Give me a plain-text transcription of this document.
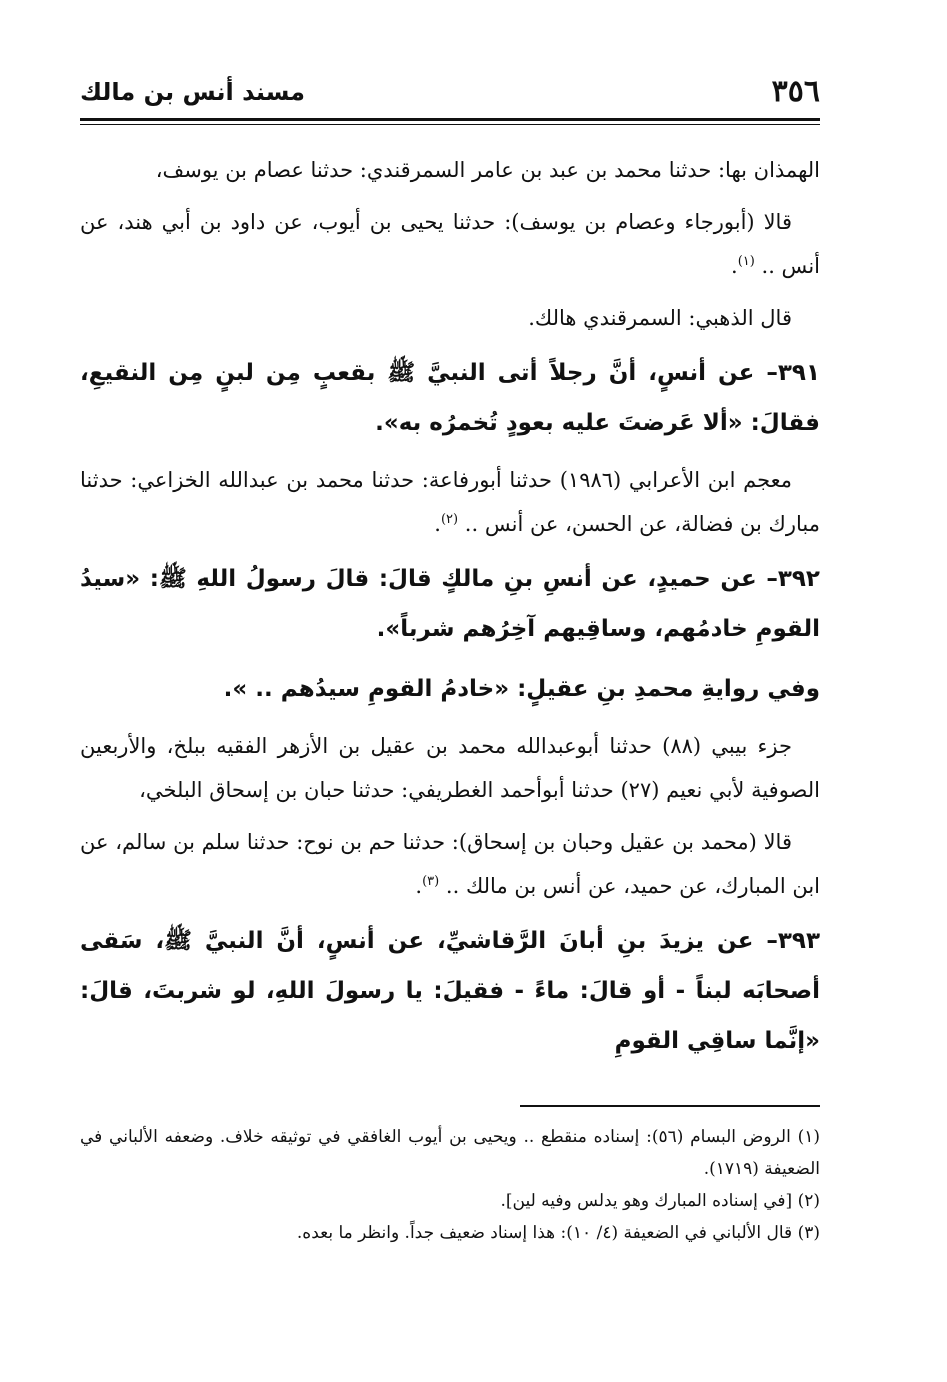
٣٥٦
مسند أنس بن مالك

الهمذان بها: حدثنا محمد بن عبد بن عامر السمرقندي: حدثنا عصام بن يوسف،

قالا (أبورجاء وعصام بن يوسف): حدثنا يحيى بن أيوب، عن داود بن أبي هند، عن أنس .. $^{(١)}$.

قال الذهبي: السمرقندي هالك.

٣٩١– عن أنسٍ، أنَّ رجلاً أتى النبيَّ ﷺ بقعبٍ مِن لبنٍ مِن النقيعِ، فقالَ: «ألا عَرضتَ عليه بعودٍ تُخمرُه به».

معجم ابن الأعرابي (١٩٨٦) حدثنا أبورفاعة: حدثنا محمد بن عبدالله الخزاعي: حدثنا مبارك بن فضالة، عن الحسن، عن أنس .. $^{(٢)}$.

٣٩٢– عن حميدٍ، عن أنسِ بنِ مالكٍ قالَ: قالَ رسولُ اللهِ ﷺ: «سيدُ القومِ خادمُهم، وساقِيهم آخِرُهم شرباً».

وفي روايةِ محمدِ بنِ عقيلٍ: «خادمُ القومِ سيدُهم .. ».

جزء بيبي (٨٨) حدثنا أبوعبدالله محمد بن عقيل بن الأزهر الفقيه ببلخ، والأربعين الصوفية لأبي نعيم (٢٧) حدثنا أبوأحمد الغطريفي: حدثنا حبان بن إسحاق البلخي،

قالا (محمد بن عقيل وحبان بن إسحاق): حدثنا حم بن نوح: حدثنا سلم بن سالم، عن ابن المبارك، عن حميد، عن أنس بن مالك .. $^{(٣)}$.

٣٩٣– عن يزيدَ بنِ أبانَ الرَّقاشيِّ، عن أنسٍ، أنَّ النبيَّ ﷺ، سَقى أصحابَه لبناً - أو قالَ: ماءً - فقيلَ: يا رسولَ اللهِ، لو شربتَ، قالَ: «إنَّما ساقِي القومِ

(١) الروض البسام (٥٦): إسناده منقطع .. ويحيى بن أيوب الغافقي في توثيقه خلاف. وضعفه الألباني في الضعيفة (١٧١٩).

(٢) [في إسناده المبارك وهو يدلس وفيه لين].

(٣) قال الألباني في الضعيفة (٤/ ١٠): هذا إسناد ضعيف جداً. وانظر ما بعده.
